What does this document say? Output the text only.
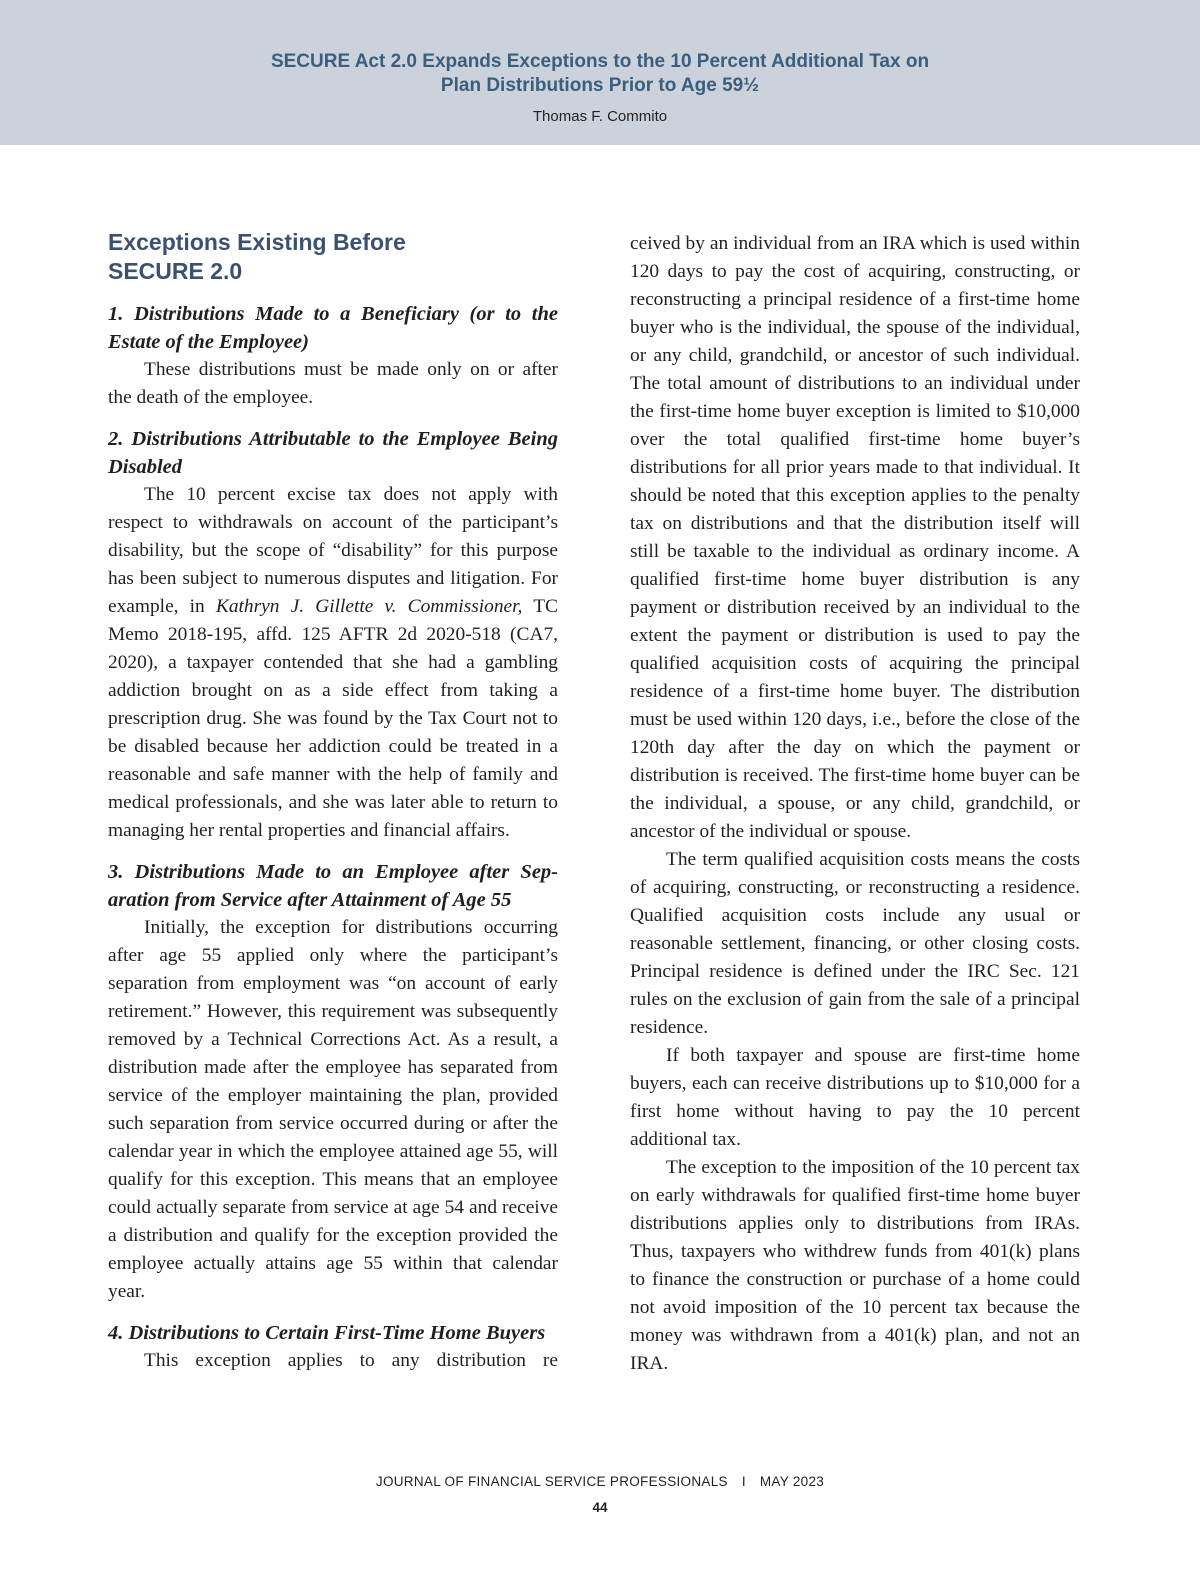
SECURE Act 2.0 Expands Exceptions to the 10 Percent Additional Tax on
Plan Distributions Prior to Age 59½
Thomas F. Commito
Exceptions Existing Before
SECURE 2.0

1. Distributions Made to a Beneficiary (or to the Estate of the Employee)

These distributions must be made only on or after the death of the employee.

2. Distributions Attributable to the Employee Being Disabled

The 10 percent excise tax does not apply with respect to withdrawals on account of the participant’s disability, but the scope of “disability” for this purpose has been subject to numerous disputes and litigation. For example, in Kathryn J. Gillette v. Commissioner, TC Memo 2018-195, affd. 125 AFTR 2d 2020-518 (CA7, 2020), a taxpayer contended that she had a gambling addiction brought on as a side effect from taking a prescription drug. She was found by the Tax Court not to be disabled because her addiction could be treated in a reasonable and safe manner with the help of family and medical professionals, and she was later able to return to managing her rental properties and financial affairs.

3. Distributions Made to an Employee after Separation from Service after Attainment of Age 55

Initially, the exception for distributions occurring after age 55 applied only where the participant’s separation from employment was “on account of early retirement.” However, this requirement was subsequently removed by a Technical Corrections Act. As a result, a distribution made after the employee has separated from service of the employer maintaining the plan, provided such separation from service occurred during or after the calendar year in which the employee attained age 55, will qualify for this exception. This means that an employee could actually separate from service at age 54 and receive a distribution and qualify for the exception provided the employee actually attains age 55 within that calendar year.

4. Distributions to Certain First-Time Home Buyers

This exception applies to any distribution re

ceived by an individual from an IRA which is used within 120 days to pay the cost of acquiring, constructing, or reconstructing a principal residence of a first-time home buyer who is the individual, the spouse of the individual, or any child, grandchild, or ancestor of such individual. The total amount of distributions to an individual under the first-time home buyer exception is limited to $10,000 over the total qualified first-time home buyer’s distributions for all prior years made to that individual. It should be noted that this exception applies to the penalty tax on distributions and that the distribution itself will still be taxable to the individual as ordinary income. A qualified first-time home buyer distribution is any payment or distribution received by an individual to the extent the payment or distribution is used to pay the qualified acquisition costs of acquiring the principal residence of a first-time home buyer. The distribution must be used within 120 days, i.e., before the close of the 120th day after the day on which the payment or distribution is received. The first-time home buyer can be the individual, a spouse, or any child, grandchild, or ancestor of the individual or spouse.

The term qualified acquisition costs means the costs of acquiring, constructing, or reconstructing a residence. Qualified acquisition costs include any usual or reasonable settlement, financing, or other closing costs. Principal residence is defined under the IRC Sec. 121 rules on the exclusion of gain from the sale of a principal residence.

If both taxpayer and spouse are first-time home buyers, each can receive distributions up to $10,000 for a first home without having to pay the 10 percent additional tax.

The exception to the imposition of the 10 percent tax on early withdrawals for qualified first-time home buyer distributions applies only to distributions from IRAs. Thus, taxpayers who withdrew funds from 401(k) plans to finance the construction or purchase of a home could not avoid imposition of the 10 percent tax because the money was withdrawn from a 401(k) plan, and not an IRA.

JOURNAL OF FINANCIAL SERVICE PROFESSIONALS I MAY 2023
44
